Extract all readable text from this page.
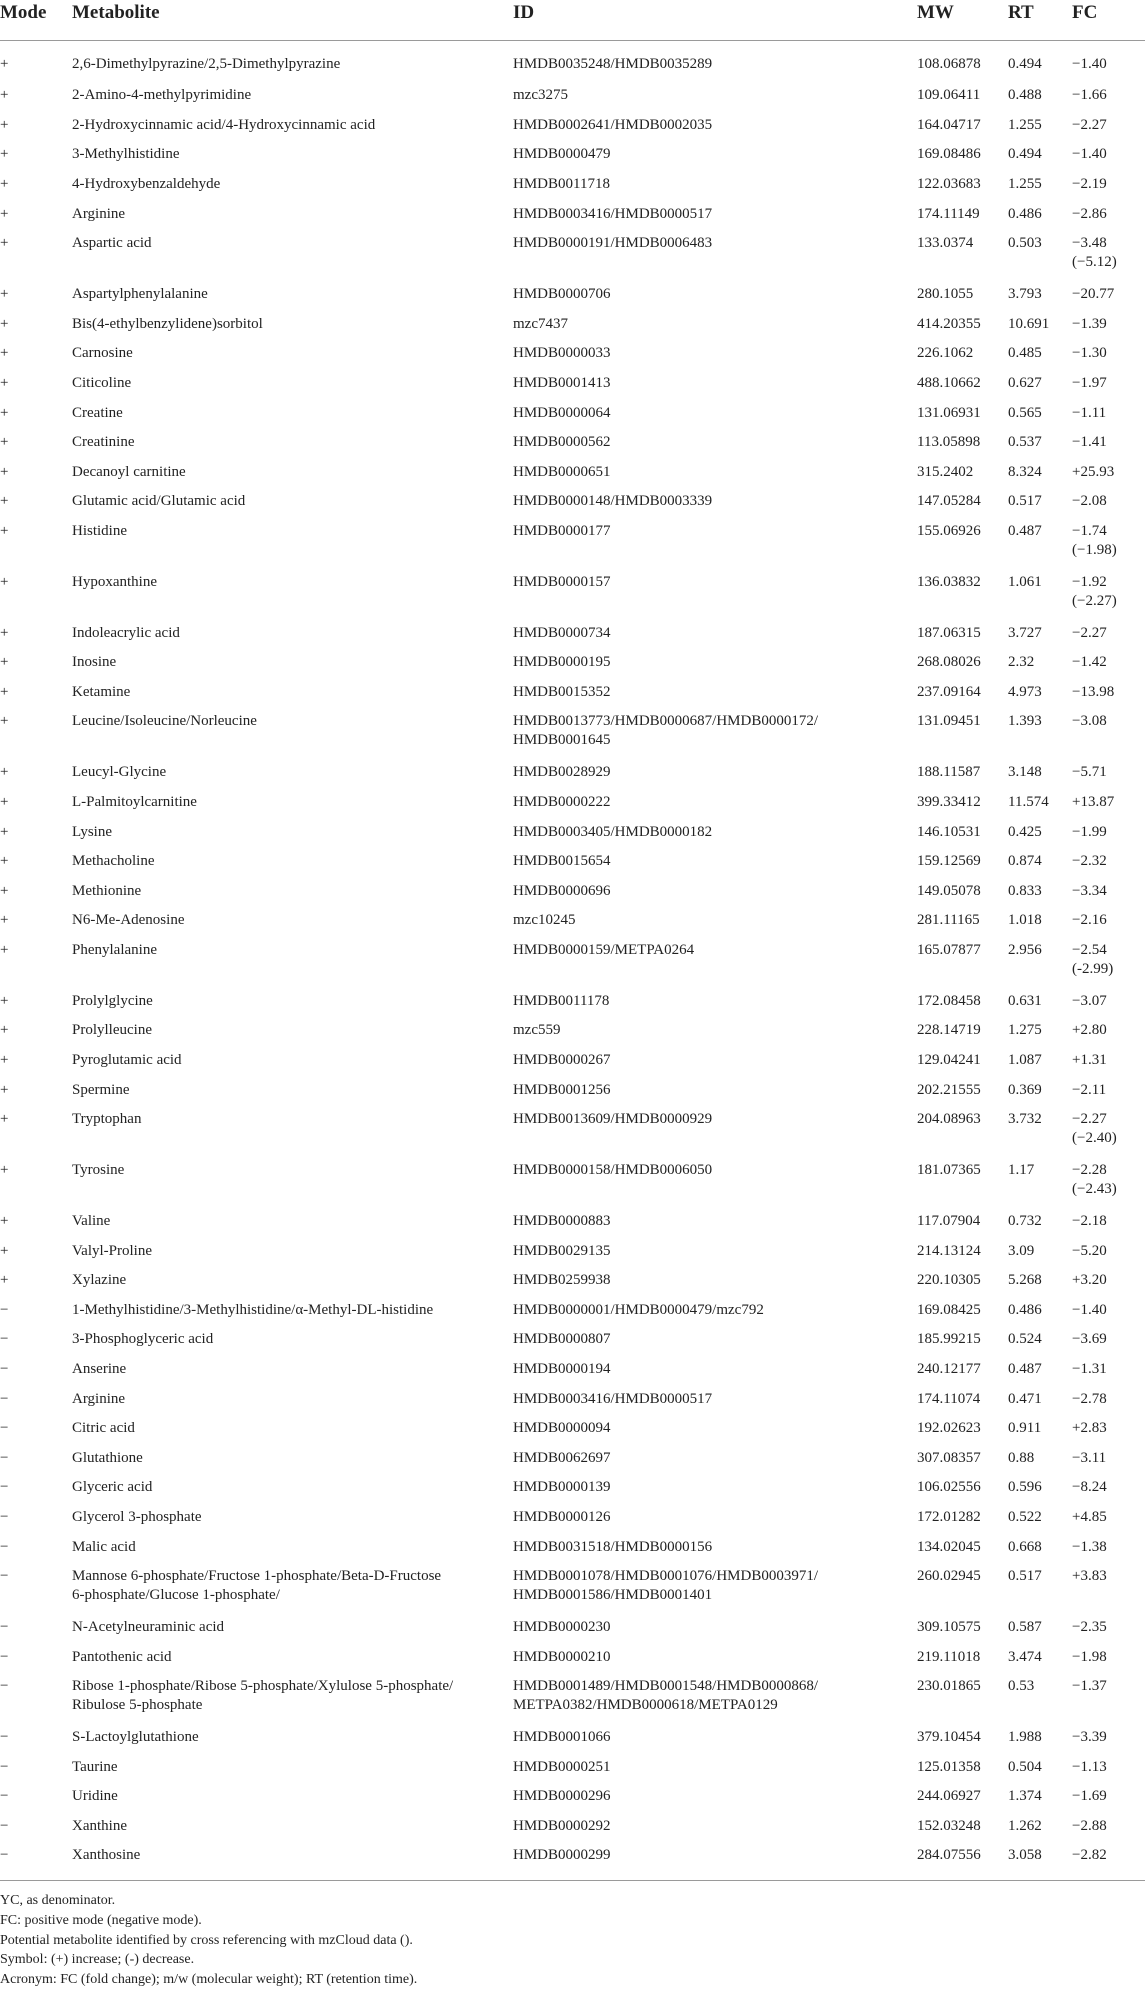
Mode	Metabolite	ID	MW	RT	FC
+	2,6-Dimethylpyrazine/2,5-Dimethylpyrazine	HMDB0035248/HMDB0035289	108.06878	0.494	−1.40
+	2-Amino-4-methylpyrimidine	mzc3275	109.06411	0.488	−1.66
+	2-Hydroxycinnamic acid/4-Hydroxycinnamic acid	HMDB0002641/HMDB0002035	164.04717	1.255	−2.27
+	3-Methylhistidine	HMDB0000479	169.08486	0.494	−1.40
+	4-Hydroxybenzaldehyde	HMDB0011718	122.03683	1.255	−2.19
+	Arginine	HMDB0003416/HMDB0000517	174.11149	0.486	−2.86
+	Aspartic acid	HMDB0000191/HMDB0006483	133.0374	0.503	−3.48
(−5.12)

+	Aspartylphenylalanine	HMDB0000706	280.1055	3.793	−20.77
+	Bis(4-ethylbenzylidene)sorbitol	mzc7437	414.20355	10.691	−1.39
+	Carnosine	HMDB0000033	226.1062	0.485	−1.30
+	Citicoline	HMDB0001413	488.10662	0.627	−1.97
+	Creatine	HMDB0000064	131.06931	0.565	−1.11
+	Creatinine	HMDB0000562	113.05898	0.537	−1.41
+	Decanoyl carnitine	HMDB0000651	315.2402	8.324	+25.93
+	Glutamic acid/Glutamic acid	HMDB0000148/HMDB0003339	147.05284	0.517	−2.08
+	Histidine	HMDB0000177	155.06926	0.487	−1.74
(−1.98)

+	Hypoxanthine	HMDB0000157	136.03832	1.061	−1.92
(−2.27)

+	Indoleacrylic acid	HMDB0000734	187.06315	3.727	−2.27
+	Inosine	HMDB0000195	268.08026	2.32	−1.42
+	Ketamine	HMDB0015352	237.09164	4.973	−13.98
+	Leucine/Isoleucine/Norleucine	HMDB0013773/HMDB0000687/HMDB0000172/
HMDB0001645	131.09451	1.393	−3.08
+	Leucyl-Glycine	HMDB0028929	188.11587	3.148	−5.71
+	L-Palmitoylcarnitine	HMDB0000222	399.33412	11.574	+13.87
+	Lysine	HMDB0003405/HMDB0000182	146.10531	0.425	−1.99
+	Methacholine	HMDB0015654	159.12569	0.874	−2.32
+	Methionine	HMDB0000696	149.05078	0.833	−3.34
+	N6-Me-Adenosine	mzc10245	281.11165	1.018	−2.16
+	Phenylalanine	HMDB0000159/METPA0264	165.07877	2.956	−2.54
(-2.99)

+	Prolylglycine	HMDB0011178	172.08458	0.631	−3.07
+	Prolylleucine	mzc559	228.14719	1.275	+2.80
+	Pyroglutamic acid	HMDB0000267	129.04241	1.087	+1.31
+	Spermine	HMDB0001256	202.21555	0.369	−2.11
+	Tryptophan	HMDB0013609/HMDB0000929	204.08963	3.732	−2.27
(−2.40)

+	Tyrosine	HMDB0000158/HMDB0006050	181.07365	1.17	−2.28
(−2.43)

+	Valine	HMDB0000883	117.07904	0.732	−2.18
+	Valyl-Proline	HMDB0029135	214.13124	3.09	−5.20
+	Xylazine	HMDB0259938	220.10305	5.268	+3.20
−	1-Methylhistidine/3-Methylhistidine/α-Methyl-DL-histidine	HMDB0000001/HMDB0000479/mzc792	169.08425	0.486	−1.40
−	3-Phosphoglyceric acid	HMDB0000807	185.99215	0.524	−3.69
−	Anserine	HMDB0000194	240.12177	0.487	−1.31
−	Arginine	HMDB0003416/HMDB0000517	174.11074	0.471	−2.78
−	Citric acid	HMDB0000094	192.02623	0.911	+2.83
−	Glutathione	HMDB0062697	307.08357	0.88	−3.11
−	Glyceric acid	HMDB0000139	106.02556	0.596	−8.24
−	Glycerol 3-phosphate	HMDB0000126	172.01282	0.522	+4.85
−	Malic acid	HMDB0031518/HMDB0000156	134.02045	0.668	−1.38
−	Mannose 6-phosphate/Fructose 1-phosphate/Beta-D-Fructose
6-phosphate/Glucose 1-phosphate/	HMDB0001078/HMDB0001076/HMDB0003971/
HMDB0001586/HMDB0001401	260.02945	0.517	+3.83
−	N-Acetylneuraminic acid	HMDB0000230	309.10575	0.587	−2.35
−	Pantothenic acid	HMDB0000210	219.11018	3.474	−1.98
−	Ribose 1-phosphate/Ribose 5-phosphate/Xylulose 5-phosphate/
Ribulose 5-phosphate	HMDB0001489/HMDB0001548/HMDB0000868/
METPA0382/HMDB0000618/METPA0129	230.01865	0.53	−1.37
−	S-Lactoylglutathione	HMDB0001066	379.10454	1.988	−3.39
−	Taurine	HMDB0000251	125.01358	0.504	−1.13
−	Uridine	HMDB0000296	244.06927	1.374	−1.69
−	Xanthine	HMDB0000292	152.03248	1.262	−2.88
−	Xanthosine	HMDB0000299	284.07556	3.058	−2.82
YC, as denominator.
FC: positive mode (negative mode).
Potential metabolite identified by cross referencing with mzCloud data ().
Symbol: (+) increase; (-) decrease.
Acronym: FC (fold change); m/w (molecular weight); RT (retention time).
